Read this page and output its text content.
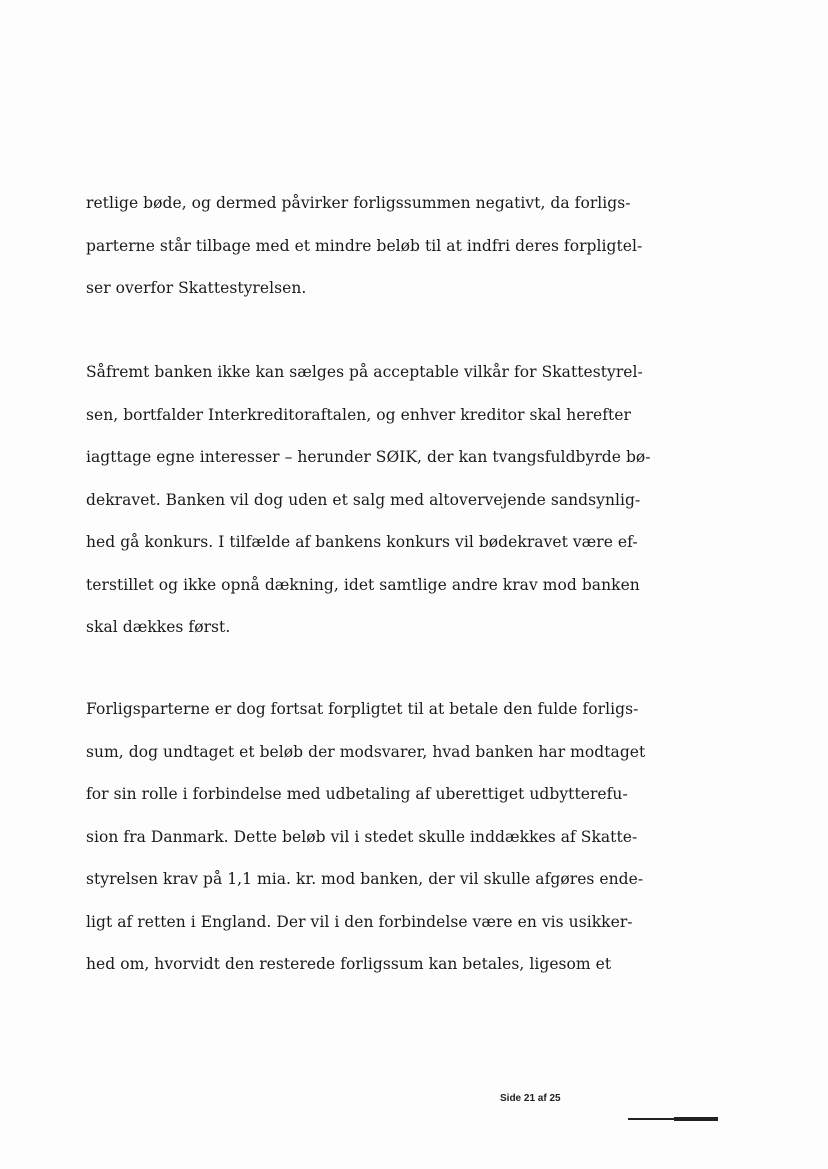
retlige bøde, og dermed påvirker forligssummen negativt, da forligs-
parterne står tilbage med et mindre beløb til at indfri deres forpligtel-
ser overfor Skattestyrelsen.
Såfremt banken ikke kan sælges på acceptable vilkår for Skattestyrel-
sen, bortfalder Interkreditoraftalen, og enhver kreditor skal herefter
iagttage egne interesser – herunder SØIK, der kan tvangsfuldbyrde bø-
dekravet. Banken vil dog uden et salg med altovervejende sandsynlig-
hed gå konkurs. I tilfælde af bankens konkurs vil bødekravet være ef-
terstillet og ikke opnå dækning, idet samtlige andre krav mod banken
skal dækkes først.
Forligsparterne er dog fortsat forpligtet til at betale den fulde forligs-
sum, dog undtaget et beløb der modsvarer, hvad banken har modtaget
for sin rolle i forbindelse med udbetaling af uberettiget udbytterefu-
sion fra Danmark. Dette beløb vil i stedet skulle inddækkes af Skatte-
styrelsen krav på 1,1 mia. kr. mod banken, der vil skulle afgøres ende-
ligt af retten i England. Der vil i den forbindelse være en vis usikker-
hed om, hvorvidt den resterede forligssum kan betales, ligesom et
Side 21 af 25
